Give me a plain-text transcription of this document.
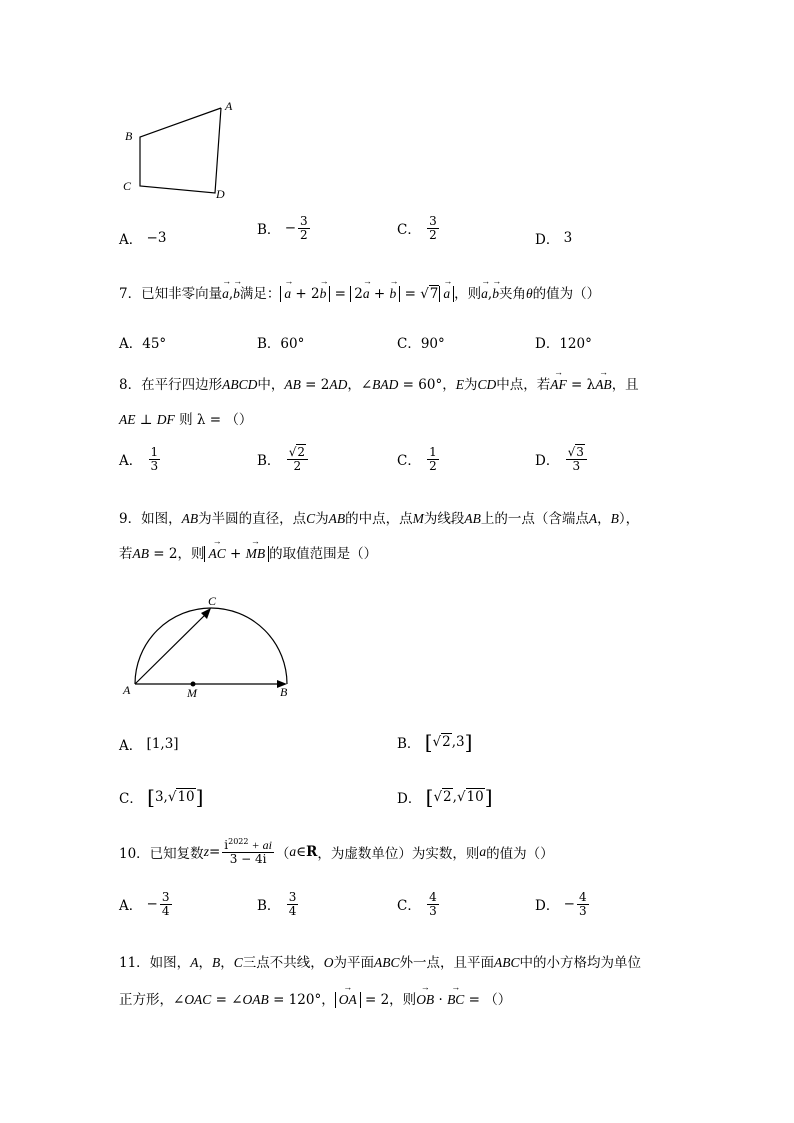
A
B
C
D
A．
−3	B．
− $\frac{3}{2}$	C．
$\frac{3}{2}$	D．
3
7．已知非零向量→ a,→ b满足： → a + 2→ b = 2→ a + → b = √7 → a ，则→ a,→ b夹角θ的值为（）
A．45°	B．60°	C．90°	D．120°
8．在平行四边形ABCD中，AB = 2AD，∠BAD = 60°，E为CD中点，若→ AF = λ→ AB，且
AE ⊥ DF 则 λ = （）
A．
$\frac{1}{3}$	B．
$\frac{√2}{2}$	C．
$\frac{1}{2}$	D．
$\frac{√3}{3}$
9．如图，AB为半圆的直径，点C为AB的中点，点M为线段AB上的一点（含端点A，B），
若AB = 2，则 → AC + → MB 的取值范围是（）
A	M	B
C
A．
[1,3]	B．
[ √2 ,3 ]
C．
[ 3, √10 ]	D．
[ √2 , √10 ]
10．已知复数 $z = \frac{i^{2022} + ai}{3 - 4i}$ （ a ∈ R ，为虚数单位）为实数，则 a 的值为（）
A．
− $\frac{3}{4}$	B．
$\frac{3}{4}$	C．
$\frac{4}{3}$	D．
− $\frac{4}{3}$
11．如图，A，B，C三点不共线，O为平面ABC外一点，且平面ABC中的小方格均为单位
正方形，∠OAC = ∠OAB = 120°， → OA = 2，则→ OB · → BC = （）
